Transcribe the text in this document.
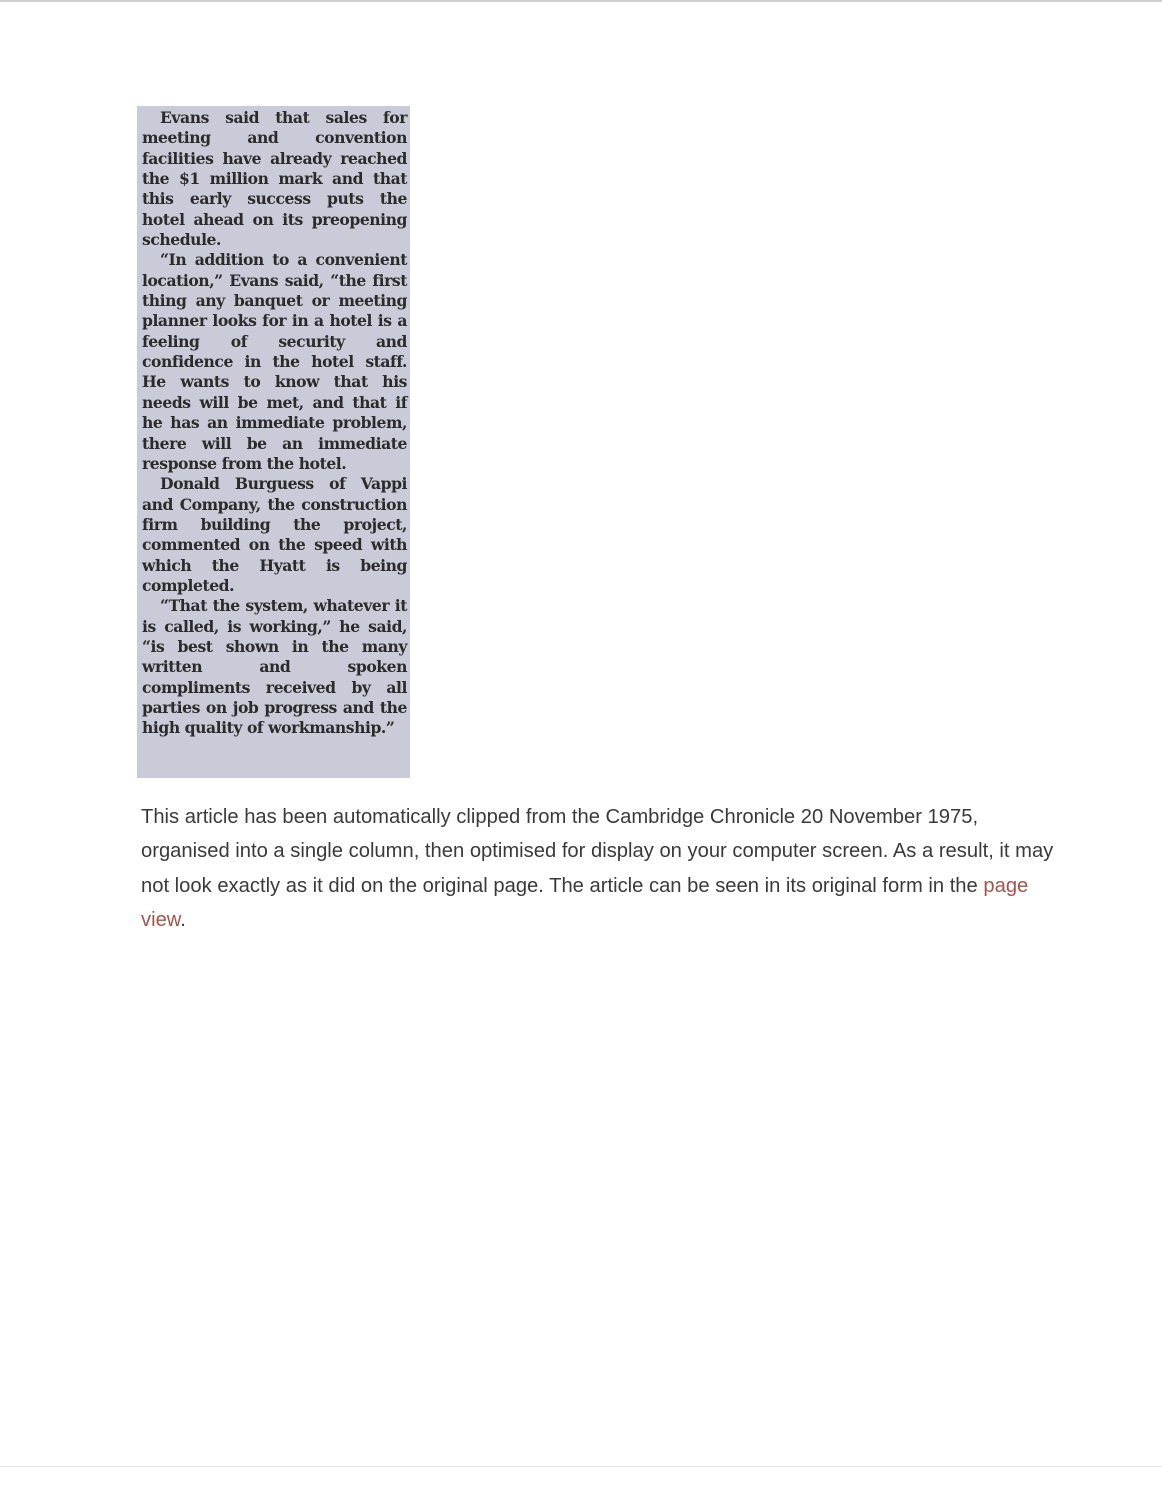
Evans said that sales for meeting and convention facilities have already reached the $1 million mark and that this early success puts the hotel ahead on its preopening schedule.

“In addition to a convenient location,” Evans said, “the first thing any banquet or meeting planner looks for in a hotel is a feeling of security and confidence in the hotel staff. He wants to know that his needs will be met, and that if he has an immediate problem, there will be an immediate response from the hotel.

Donald Burguess of Vappi and Company, the construction firm building the project, commented on the speed with which the Hyatt is being completed.

“That the system, whatever it is called, is working,” he said, “is best shown in the many written and spoken compliments received by all parties on job progress and the high quality of workmanship.”

This article has been automatically clipped from the Cambridge Chronicle 20 November 1975, organised into a single column, then optimised for display on your computer screen. As a result, it may not look exactly as it did on the original page. The article can be seen in its original form in the page view.
